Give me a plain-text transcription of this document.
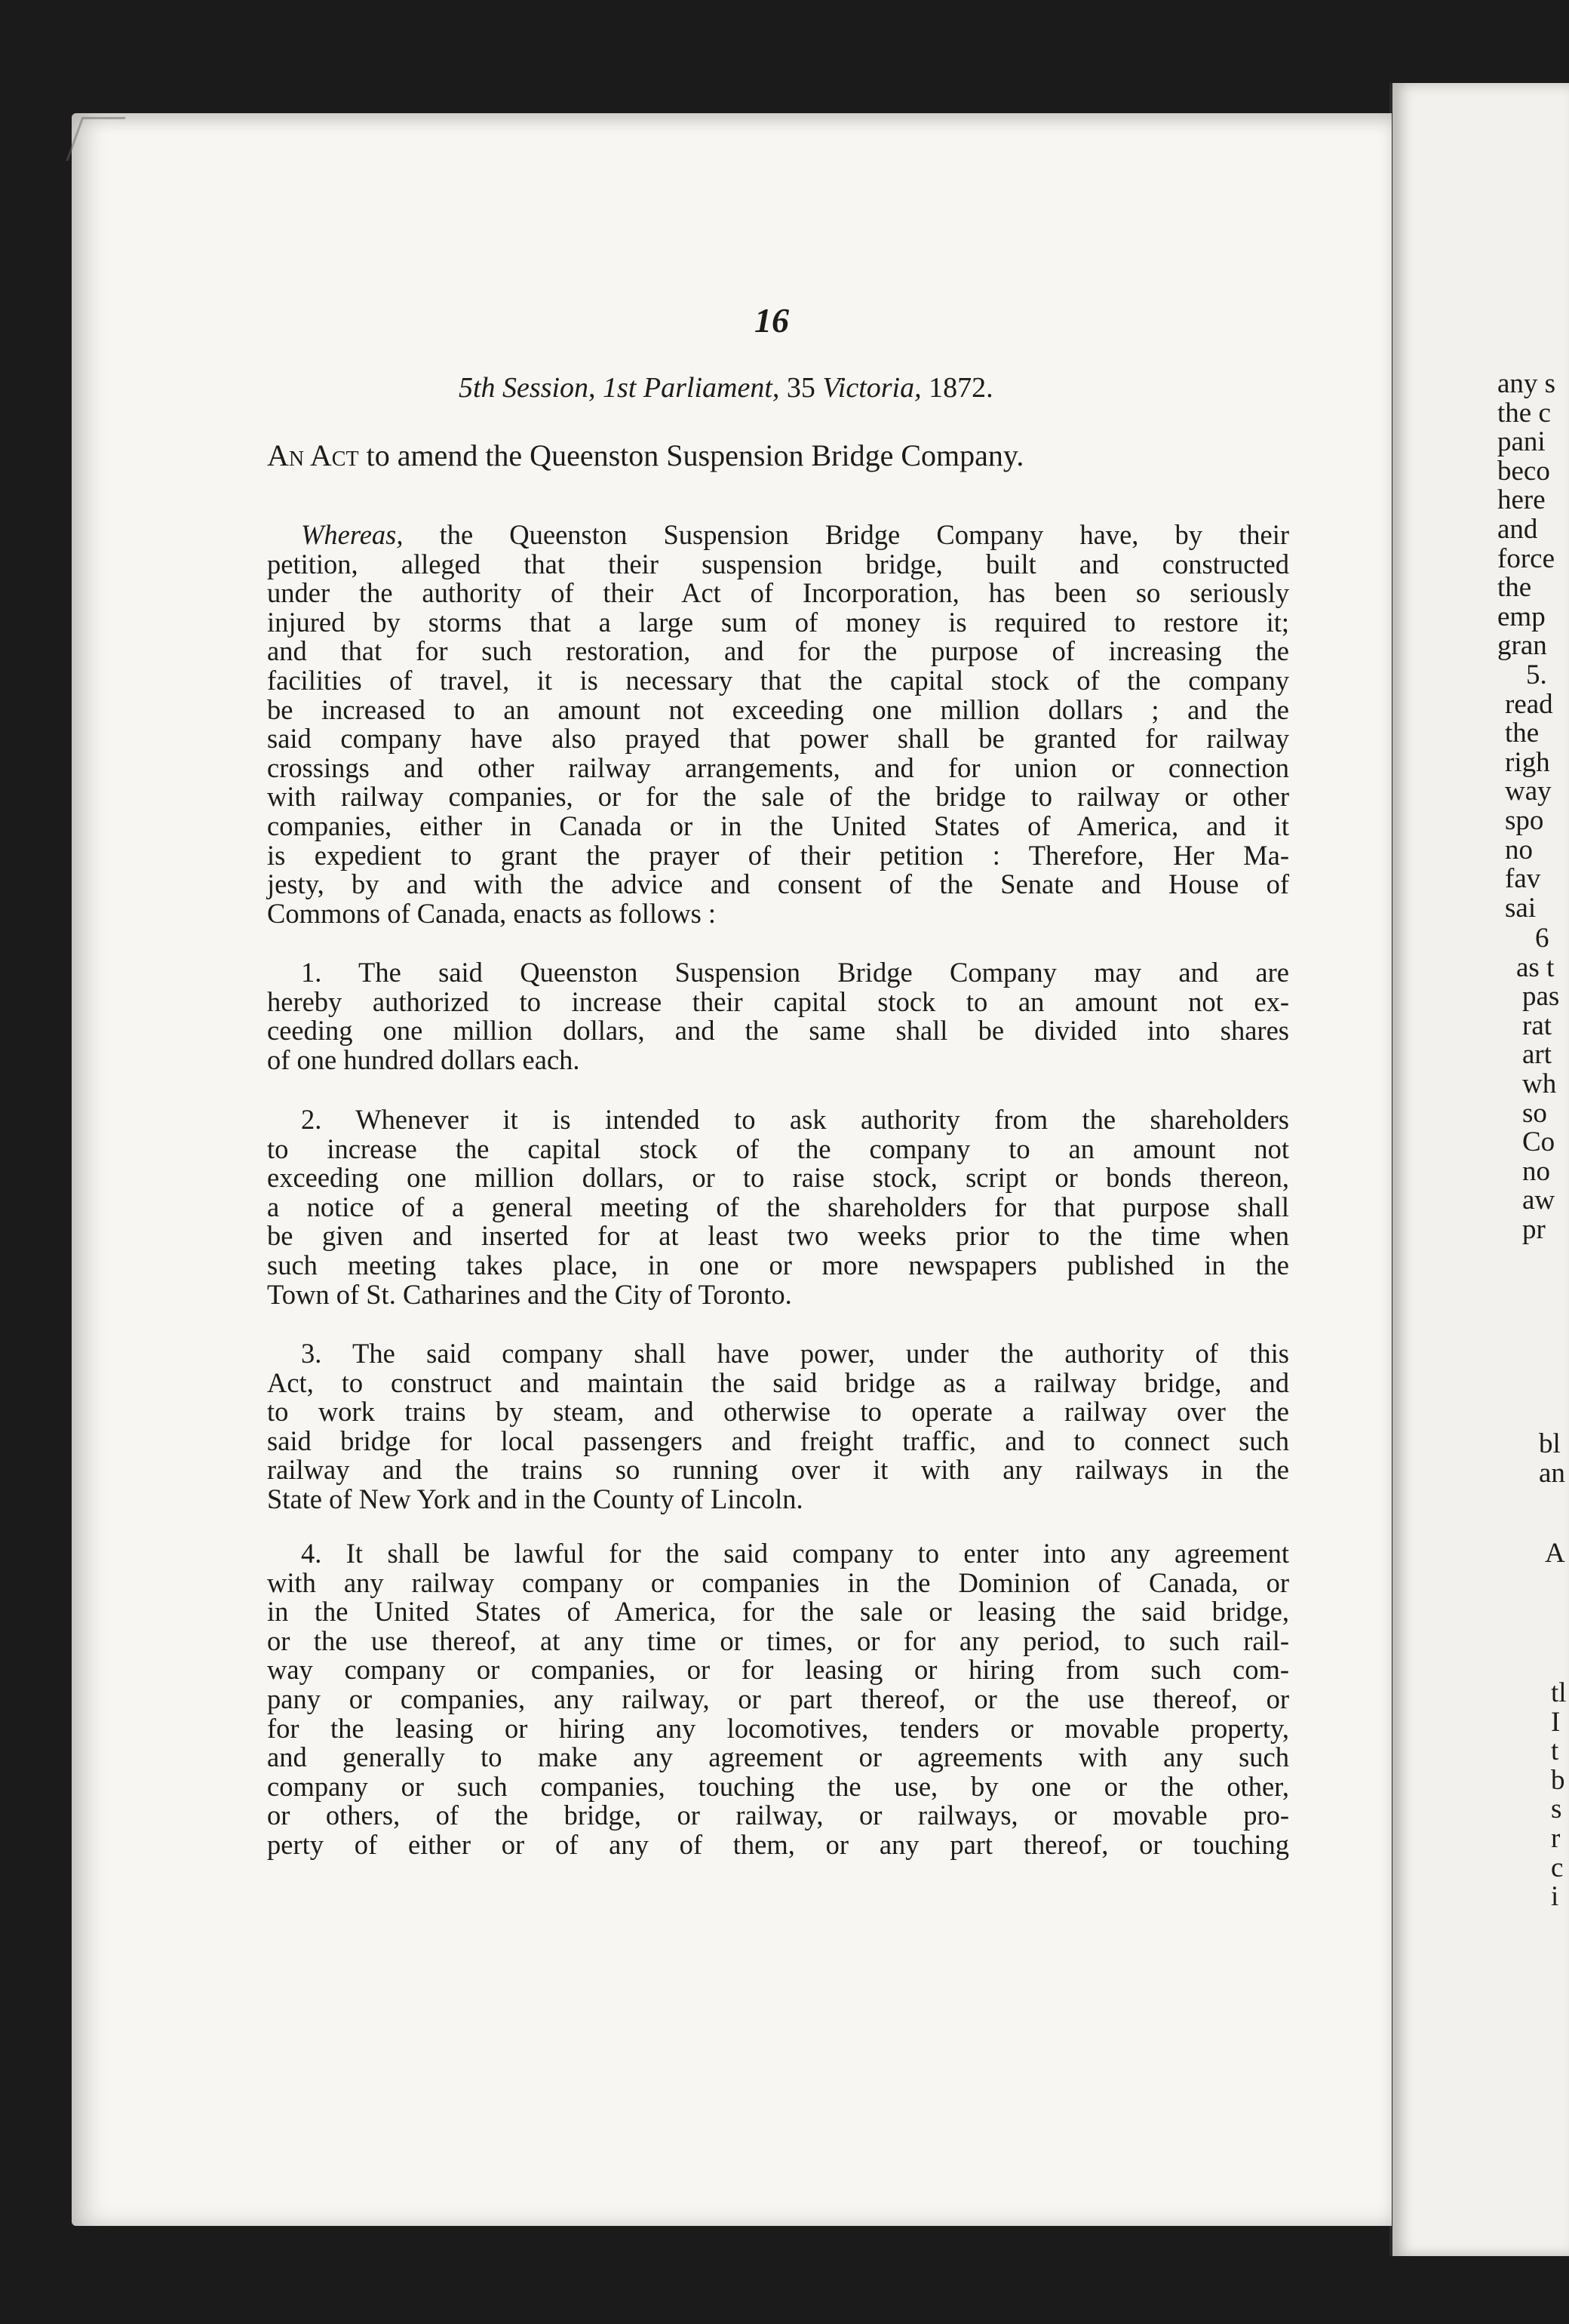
16
5th Session, 1st Parliament, 35 Victoria, 1872.
An Act to amend the Queenston Suspension Bridge Company.
Whereas, the Queenston Suspension Bridge Company have, by their
petition, alleged that their suspension bridge, built and constructed
under the authority of their Act of Incorporation, has been so seriously
injured by storms that a large sum of money is required to restore it;
and that for such restoration, and for the purpose of increasing the
facilities of travel, it is necessary that the capital stock of the company
be increased to an amount not exceeding one million dollars ; and the
said company have also prayed that power shall be granted for railway
crossings and other railway arrangements, and for union or connection
with railway companies, or for the sale of the bridge to railway or other
companies, either in Canada or in the United States of America, and it
is expedient to grant the prayer of their petition : Therefore, Her Ma-
jesty, by and with the advice and consent of the Senate and House of
Commons of Canada, enacts as follows :
1. The said Queenston Suspension Bridge Company may and are
hereby authorized to increase their capital stock to an amount not ex-
ceeding one million dollars, and the same shall be divided into shares
of one hundred dollars each.
2. Whenever it is intended to ask authority from the shareholders
to increase the capital stock of the company to an amount not
exceeding one million dollars, or to raise stock, script or bonds thereon,
a notice of a general meeting of the shareholders for that purpose shall
be given and inserted for at least two weeks prior to the time when
such meeting takes place, in one or more newspapers published in the
Town of St. Catharines and the City of Toronto.
3. The said company shall have power, under the authority of this
Act, to construct and maintain the said bridge as a railway bridge, and
to work trains by steam, and otherwise to operate a railway over the
said bridge for local passengers and freight traffic, and to connect such
railway and the trains so running over it with any railways in the
State of New York and in the County of Lincoln.
4. It shall be lawful for the said company to enter into any agreement
with any railway company or companies in the Dominion of Canada, or
in the United States of America, for the sale or leasing the said bridge,
or the use thereof, at any time or times, or for any period, to such rail-
way company or companies, or for leasing or hiring from such com-
pany or companies, any railway, or part thereof, or the use thereof, or
for the leasing or hiring any locomotives, tenders or movable property,
and generally to make any agreement or agreements with any such
company or such companies, touching the use, by one or the other,
or others, of the bridge, or railway, or railways, or movable pro-
perty of either or of any of them, or any part thereof, or touching
any s
the c
pani
beco
here
and
force
the
emp
gran
5.
read
the
righ
way
spo
no
fav
sai
6
as t
pas
rat
art
wh
so
Co
no
aw
pr
bl
an
A
tl
I
t
b
s
r
c
i
